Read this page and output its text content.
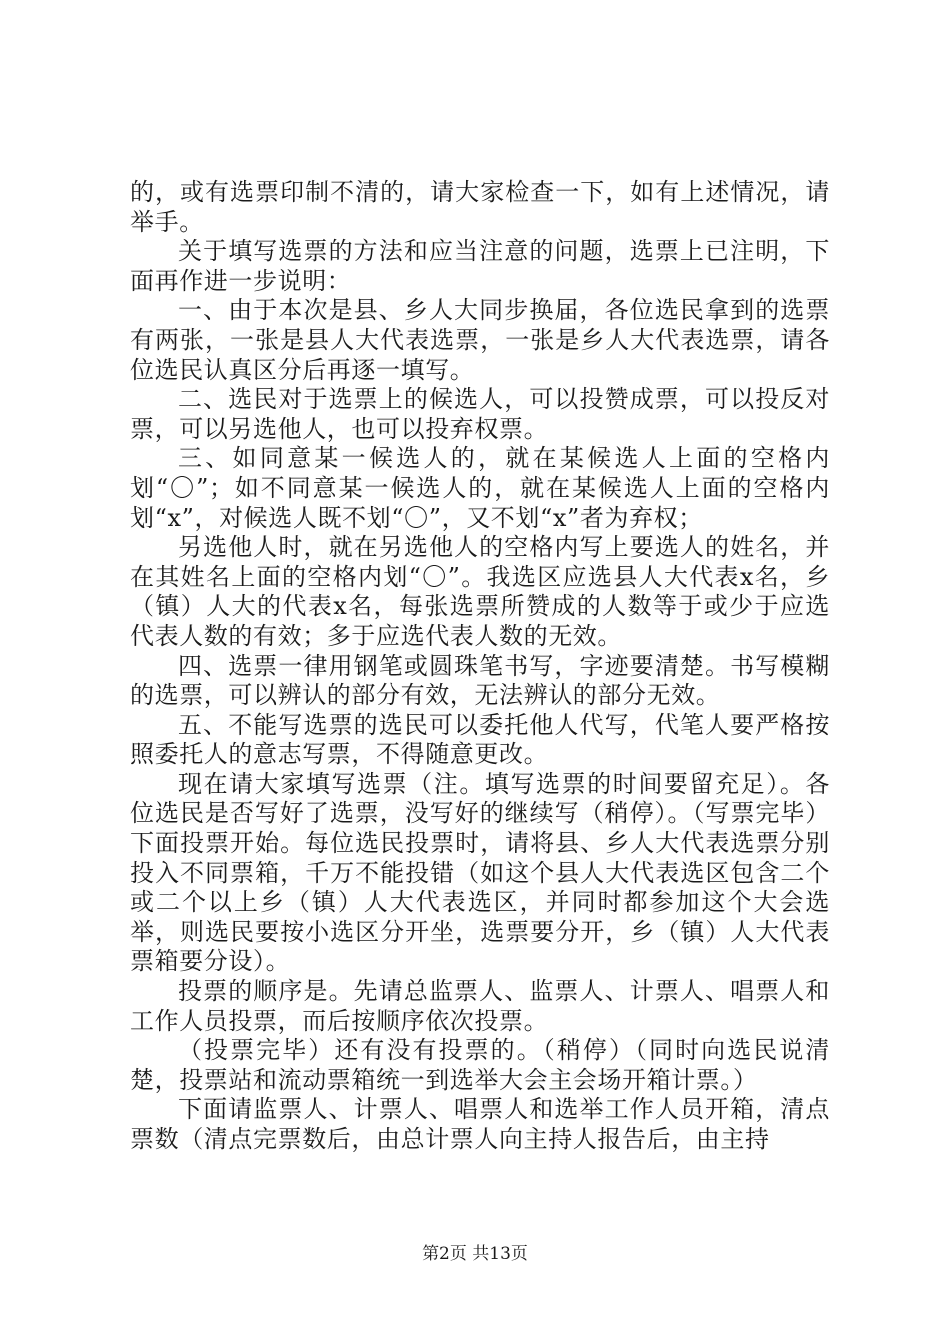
的，或有选票印制不清的，请大家检查一下，如有上述情况，请举手。

关于填写选票的方法和应当注意的问题，选票上已注明，下面再作进一步说明：

一、由于本次是县、乡人大同步换届，各位选民拿到的选票有两张，一张是县人大代表选票，一张是乡人大代表选票，请各位选民认真区分后再逐一填写。

二、选民对于选票上的候选人，可以投赞成票，可以投反对票，可以另选他人，也可以投弃权票。

三、如同意某一候选人的，就在某候选人上面的空格内划“〇”；如不同意某一候选人的，就在某候选人上面的空格内划“x”，对候选人既不划“〇”，又不划“x”者为弃权；

另选他人时，就在另选他人的空格内写上要选人的姓名，并在其姓名上面的空格内划“〇”。我选区应选县人大代表x名，乡（镇）人大的代表x名，每张选票所赞成的人数等于或少于应选代表人数的有效；多于应选代表人数的无效。

四、选票一律用钢笔或圆珠笔书写，字迹要清楚。书写模糊的选票，可以辨认的部分有效，无法辨认的部分无效。

五、不能写选票的选民可以委托他人代写，代笔人要严格按照委托人的意志写票，不得随意更改。

现在请大家填写选票（注。填写选票的时间要留充足）。各位选民是否写好了选票，没写好的继续写（稍停）。（写票完毕）下面投票开始。每位选民投票时，请将县、乡人大代表选票分别投入不同票箱，千万不能投错（如这个县人大代表选区包含二个或二个以上乡（镇）人大代表选区，并同时都参加这个大会选举，则选民要按小选区分开坐，选票要分开，乡（镇）人大代表票箱要分设）。

投票的顺序是。先请总监票人、监票人、计票人、唱票人和工作人员投票，而后按顺序依次投票。

（投票完毕）还有没有投票的。（稍停）（同时向选民说清楚，投票站和流动票箱统一到选举大会主会场开箱计票。）

下面请监票人、计票人、唱票人和选举工作人员开箱，清点票数（清点完票数后，由总计票人向主持人报告后，由主持

第2页 共13页
